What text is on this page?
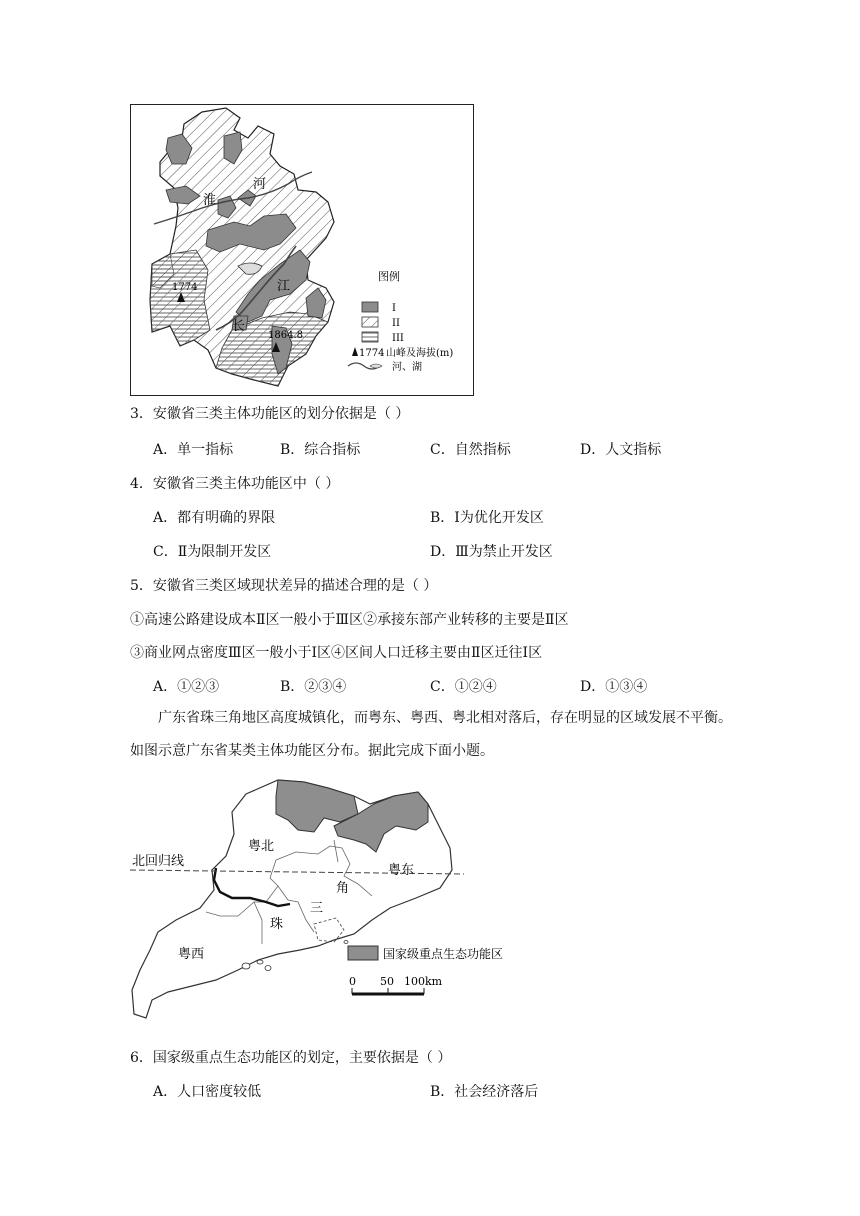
河
淮
江
长
1774
1864.8
图例
I
II
III
1774 山峰及海拔(m)
河、湖
3．安徽省三类主体功能区的划分依据是（ ）
A．单一指标	B．综合指标	C．自然指标	D．人文指标
4．安徽省三类主体功能区中（ ）
A．都有明确的界限	B．Ⅰ为优化开发区
C．Ⅱ为限制开发区	D．Ⅲ为禁止开发区
5．安徽省三类区域现状差异的描述合理的是（ ）
①高速公路建设成本Ⅱ区一般小于Ⅲ区②承接东部产业转移的主要是Ⅱ区
③商业网点密度Ⅲ区一般小于Ⅰ区④区间人口迁移主要由Ⅱ区迁往Ⅰ区
A．①②③	B．②③④	C．①②④	D．①③④
广东省珠三角地区高度城镇化，而粤东、粤西、粤北相对落后，存在明显的区域发展不平衡。如图示意广东省某类主体功能区分布。据此完成下面小题。
北回归线
粤北
粤东
粤西
珠
三
角
国家级重点生态功能区
0 50 100km
6．国家级重点生态功能区的划定，主要依据是（ ）
A．人口密度较低	B．社会经济落后
